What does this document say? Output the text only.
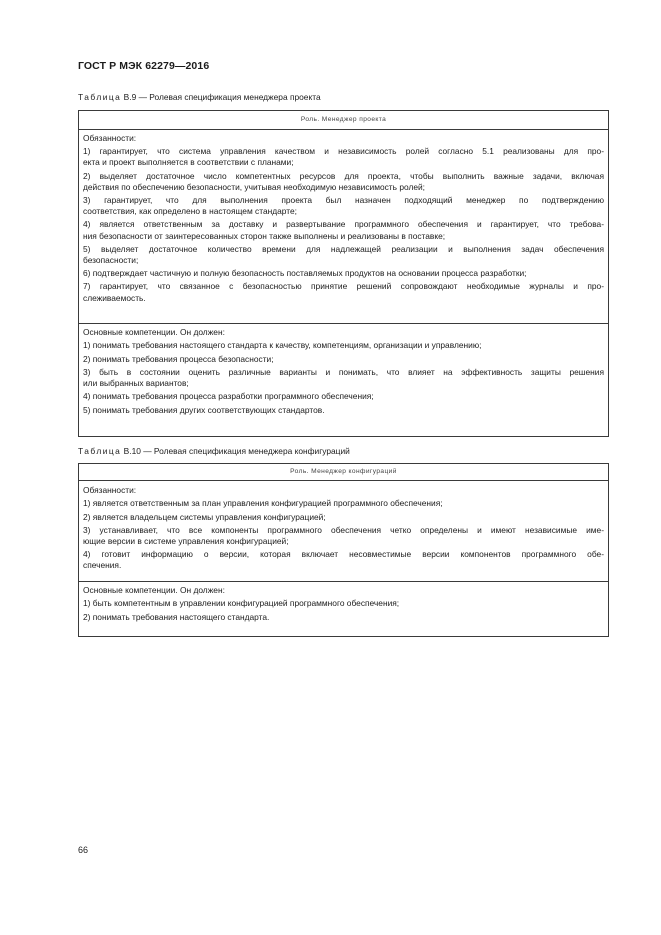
ГОСТ Р МЭК 62279—2016
Таблица В.9 — Ролевая спецификация менеджера проекта
Роль. Менеджер проекта
Обязанности:
1) гарантирует, что система управления качеством и независимость ролей согласно 5.1 реализованы для про-
екта и проект выполняется в соответствии с планами;
2) выделяет достаточное число компетентных ресурсов для проекта, чтобы выполнить важные задачи, включая
действия по обеспечению безопасности, учитывая необходимую независимость ролей;
3) гарантирует, что для выполнения проекта был назначен подходящий менеджер по подтверждению
соответствия, как определено в настоящем стандарте;
4) является ответственным за доставку и развертывание программного обеспечения и гарантирует, что требова-
ния безопасности от заинтересованных сторон также выполнены и реализованы в поставке;
5) выделяет достаточное количество времени для надлежащей реализации и выполнения задач обеспечения
безопасности;
6) подтверждает частичную и полную безопасность поставляемых продуктов на основании процесса разработки;
7) гарантирует, что связанное с безопасностью принятие решений сопровождают необходимые журналы и про-
слеживаемость.
Основные компетенции. Он должен:
1) понимать требования настоящего стандарта к качеству, компетенциям, организации и управлению;
2) понимать требования процесса безопасности;
3) быть в состоянии оценить различные варианты и понимать, что влияет на эффективность защиты решения
или выбранных вариантов;
4) понимать требования процесса разработки программного обеспечения;
5) понимать требования других соответствующих стандартов.
Таблица В.10 — Ролевая спецификация менеджера конфигураций
Роль. Менеджер конфигураций
Обязанности:
1) является ответственным за план управления конфигурацией программного обеспечения;
2) является владельцем системы управления конфигурацией;
3) устанавливает, что все компоненты программного обеспечения четко определены и имеют независимые име-
ющие версии в системе управления конфигурацией;
4) готовит информацию о версии, которая включает несовместимые версии компонентов программного обе-
спечения.
Основные компетенции. Он должен:
1) быть компетентным в управлении конфигурацией программного обеспечения;
2) понимать требования настоящего стандарта.
66
